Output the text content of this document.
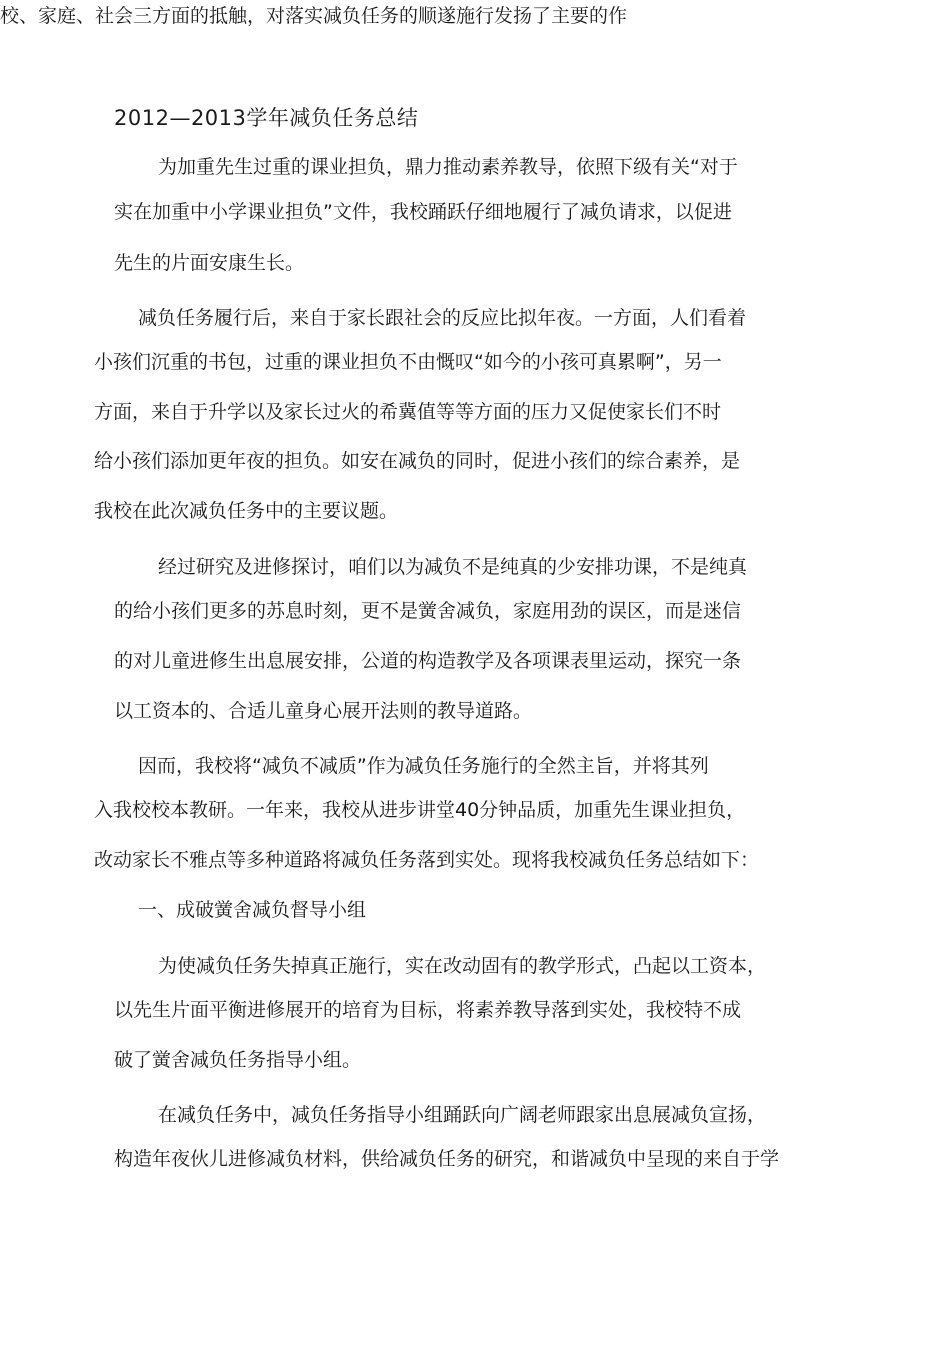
校、家庭、社会三方面的抵触，对落实减负任务的顺遂施行发扬了主要的作
2012—2013学年减负任务总结
为加重先生过重的课业担负，鼎力推动素养教导，依照下级有关“对于
实在加重中小学课业担负”文件，我校踊跃仔细地履行了减负请求，以促进
先生的片面安康生长。
减负任务履行后，来自于家长跟社会的反应比拟年夜。一方面，人们看着
小孩们沉重的书包，过重的课业担负不由慨叹“如今的小孩可真累啊”，另一
方面，来自于升学以及家长过火的希冀值等等方面的压力又促使家长们不时
给小孩们添加更年夜的担负。如安在减负的同时，促进小孩们的综合素养，是
我校在此次减负任务中的主要议题。
经过研究及进修探讨，咱们以为减负不是纯真的少安排功课，不是纯真
的给小孩们更多的苏息时刻，更不是黉舍减负，家庭用劲的误区，而是迷信
的对儿童进修生出息展安排，公道的构造教学及各项课表里运动，探究一条
以工资本的、合适儿童身心展开法则的教导道路。
因而，我校将“减负不减质”作为减负任务施行的全然主旨，并将其列
入我校校本教研。一年来，我校从进步讲堂40分钟品质，加重先生课业担负，
改动家长不雅点等多种道路将减负任务落到实处。现将我校减负任务总结如下：
一、成破黉舍减负督导小组
为使减负任务失掉真正施行，实在改动固有的教学形式，凸起以工资本，
以先生片面平衡进修展开的培育为目标，将素养教导落到实处，我校特不成
破了黉舍减负任务指导小组。
在减负任务中，减负任务指导小组踊跃向广阔老师跟家出息展减负宣扬，
构造年夜伙儿进修减负材料，供给减负任务的研究，和谐减负中呈现的来自于学
